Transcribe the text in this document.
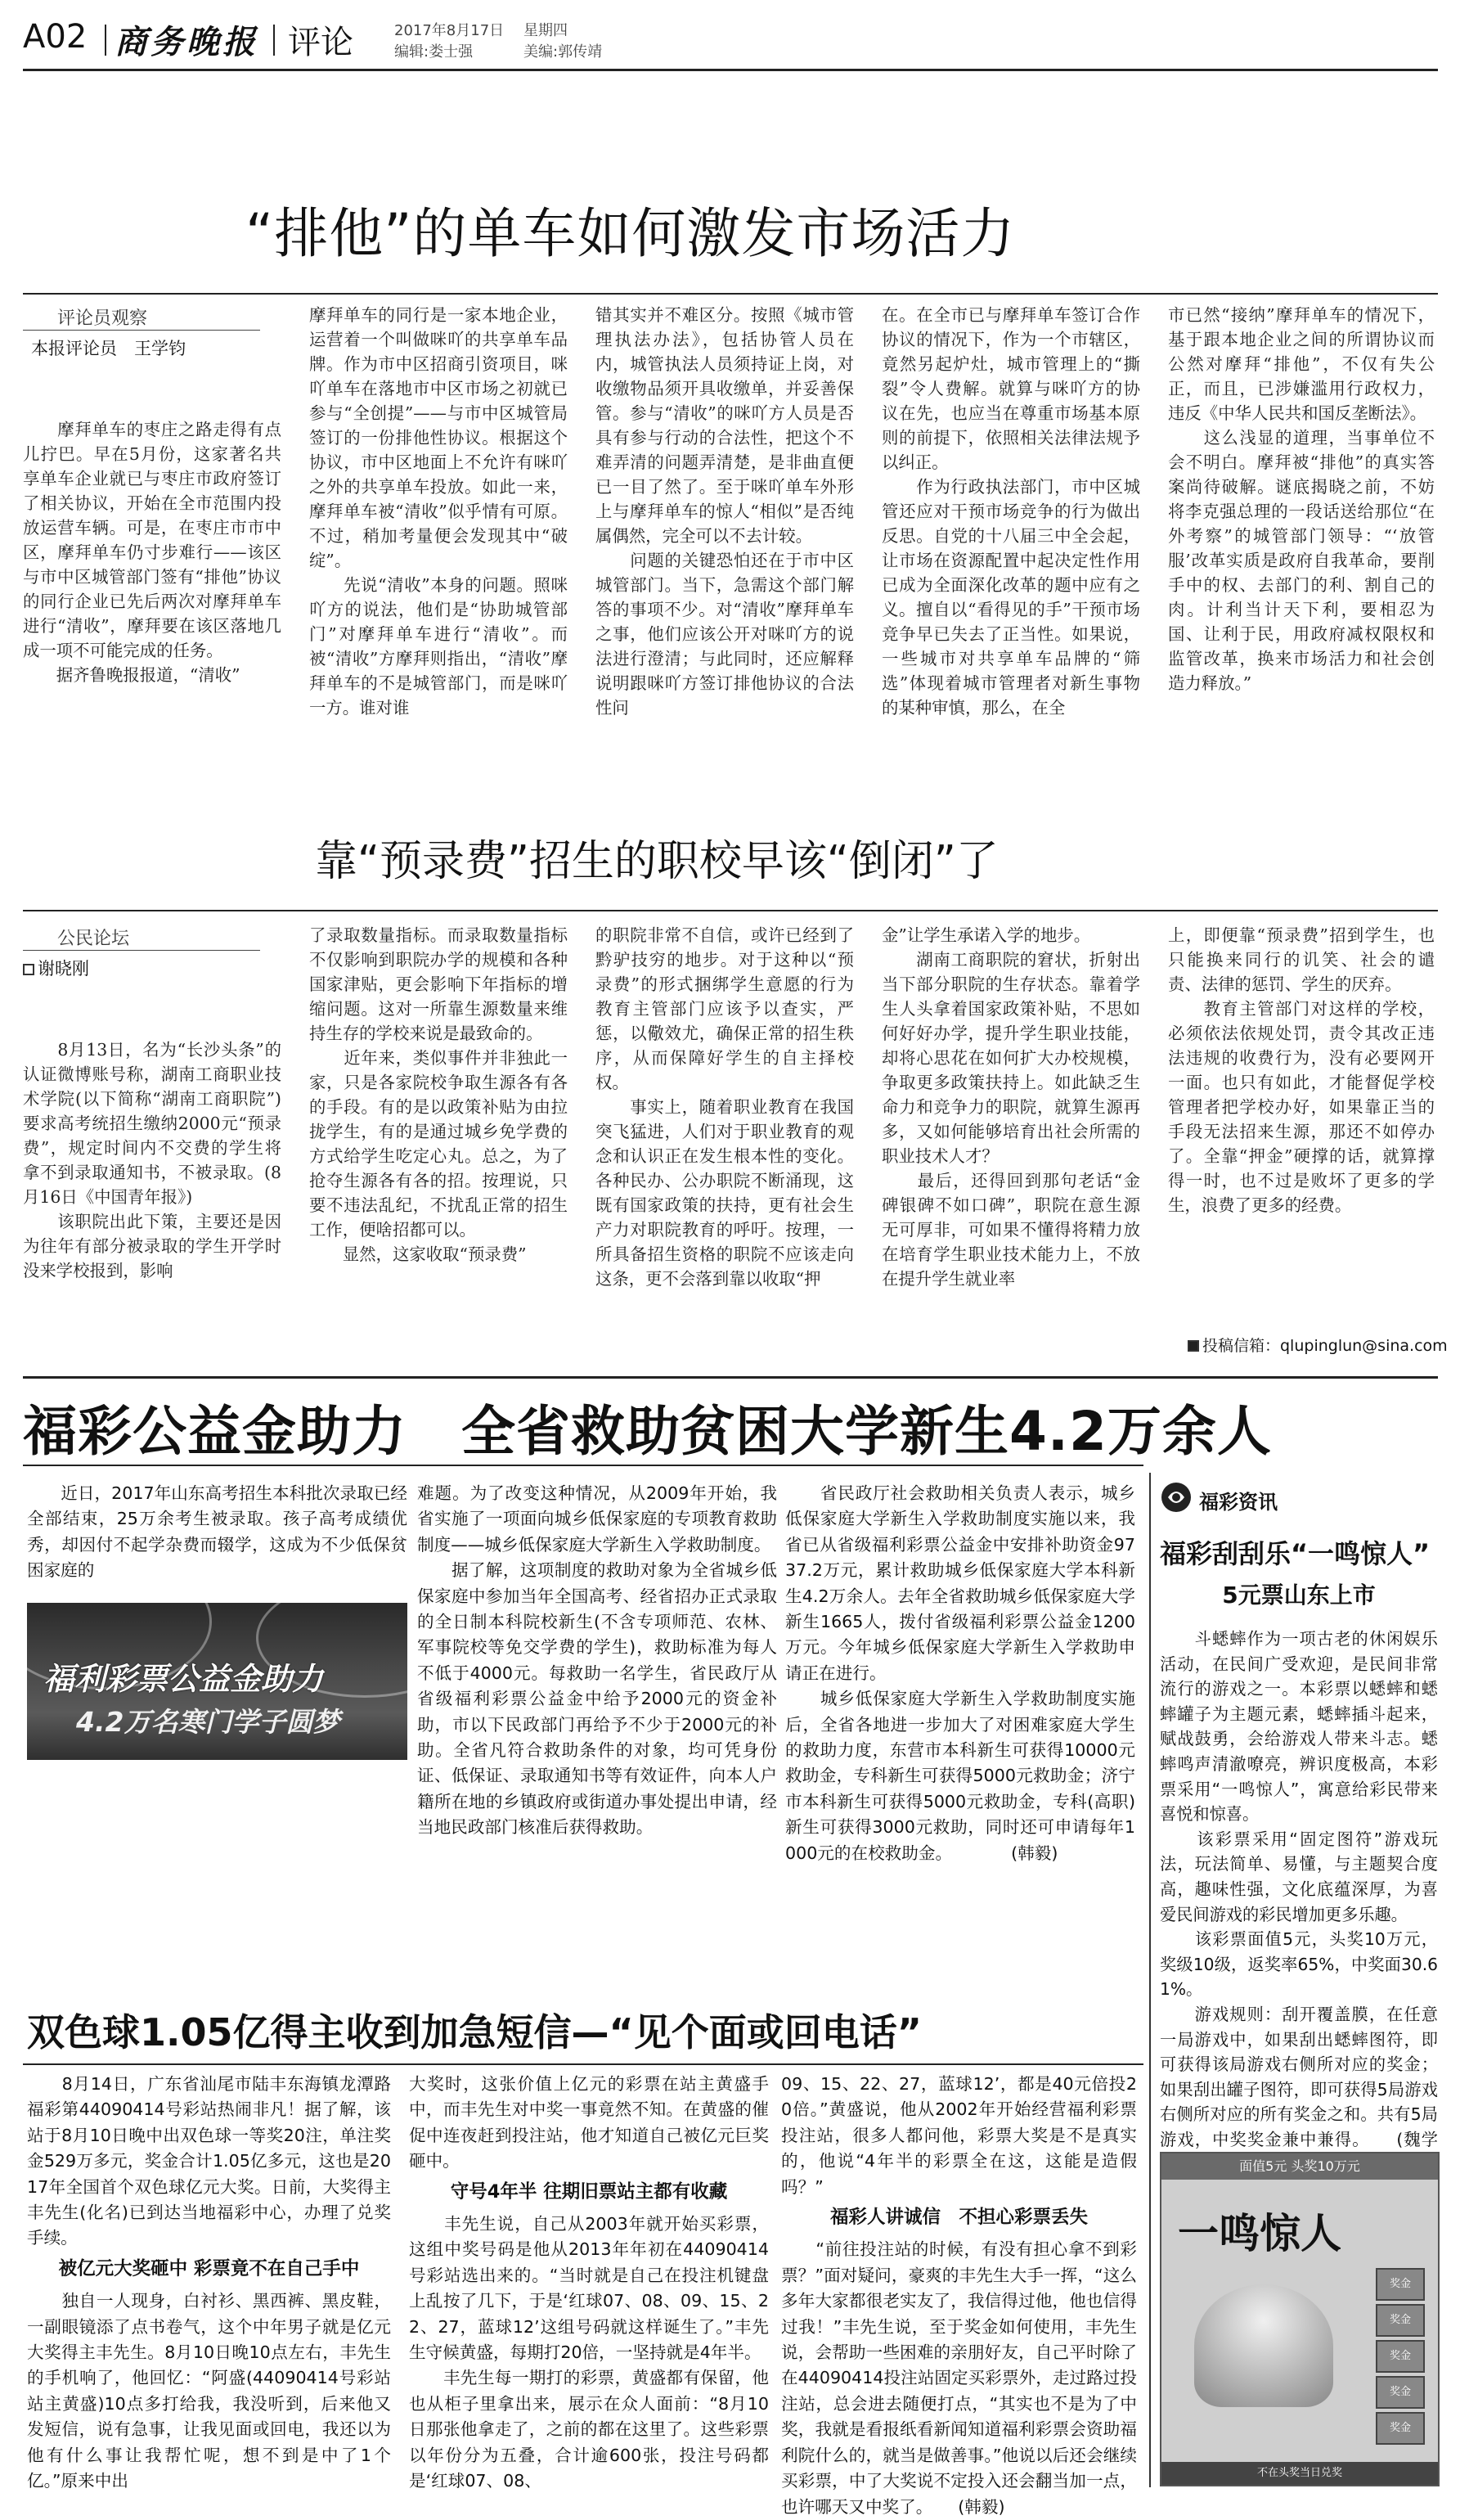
A02 商务晚报 评论	2017年8月17日 星期四
编辑:娄士强	美编:郭传靖
“排他”的单车如何激发市场活力
评论员观察
本报评论员　王学钧
　　摩拜单车的枣庄之路走得有点儿拧巴。早在5月份，这家著名共享单车企业就已与枣庄市政府签订了相关协议，开始在全市范围内投放运营车辆。可是，在枣庄市市中区，摩拜单车仍寸步难行——该区与市中区城管部门签有“排他”协议的同行企业已先后两次对摩拜单车进行“清收”，摩拜要在该区落地几成一项不可能完成的任务。
　　据齐鲁晚报报道，“清收”
摩拜单车的同行是一家本地企业，运营着一个叫做咪吖的共享单车品牌。作为市中区招商引资项目，咪吖单车在落地市中区市场之初就已参与“全创提”——与市中区城管局签订的一份排他性协议。根据这个协议，市中区地面上不允许有咪吖之外的共享单车投放。如此一来，摩拜单车被“清收”似乎情有可原。不过，稍加考量便会发现其中“破绽”。
　　先说“清收”本身的问题。照咪吖方的说法，他们是“协助城管部门”对摩拜单车进行“清收”。而被“清收”方摩拜则指出，“清收”摩拜单车的不是城管部门，而是咪吖一方。谁对谁
错其实并不难区分。按照《城市管理执法办法》，包括协管人员在内，城管执法人员须持证上岗，对收缴物品须开具收缴单，并妥善保管。参与“清收”的咪吖方人员是否具有参与行动的合法性，把这个不难弄清的问题弄清楚，是非曲直便已一目了然了。至于咪吖单车外形上与摩拜单车的惊人“相似”是否纯属偶然，完全可以不去计较。
　　问题的关键恐怕还在于市中区城管部门。当下，急需这个部门解答的事项不少。对“清收”摩拜单车之事，他们应该公开对咪吖方的说法进行澄清；与此同时，还应解释说明跟咪吖方签订排他协议的合法性问
在。在全市已与摩拜单车签订合作协议的情况下，作为一个市辖区，竟然另起炉灶，城市管理上的“撕裂”令人费解。就算与咪吖方的协议在先，也应当在尊重市场基本原则的前提下，依照相关法律法规予以纠正。
　　作为行政执法部门，市中区城管还应对干预市场竞争的行为做出反思。自党的十八届三中全会起，让市场在资源配置中起决定性作用已成为全面深化改革的题中应有之义。擅自以“看得见的手”干预市场竞争早已失去了正当性。如果说，一些城市对共享单车品牌的“筛选”体现着城市管理者对新生事物的某种审慎，那么，在全
市已然“接纳”摩拜单车的情况下，基于跟本地企业之间的所谓协议而公然对摩拜“排他”，不仅有失公正，而且，已涉嫌滥用行政权力，违反《中华人民共和国反垄断法》。
　　这么浅显的道理，当事单位不会不明白。摩拜被“排他”的真实答案尚待破解。谜底揭晓之前，不妨将李克强总理的一段话送给那位“在外考察”的城管部门领导：“‘放管服’改革实质是政府自我革命，要削手中的权、去部门的利、割自己的肉。计利当计天下利，要相忍为国、让利于民，用政府减权限权和监管改革，换来市场活力和社会创造力释放。”
靠“预录费”招生的职校早该“倒闭”了
公民论坛
谢晓刚
　　8月13日，名为“长沙头条”的认证微博账号称，湖南工商职业技术学院(以下简称“湖南工商职院”)要求高考统招生缴纳2000元“预录费”，规定时间内不交费的学生将拿不到录取通知书，不被录取。(8月16日《中国青年报》)
　　该职院出此下策，主要还是因为往年有部分被录取的学生开学时没来学校报到，影响
了录取数量指标。而录取数量指标不仅影响到职院办学的规模和各种国家津贴，更会影响下年指标的增缩问题。这对一所靠生源数量来维持生存的学校来说是最致命的。
　　近年来，类似事件并非独此一家，只是各家院校争取生源各有各的手段。有的是以政策补贴为由拉拢学生，有的是通过城乡免学费的方式给学生吃定心丸。总之，为了抢夺生源各有各的招。按理说，只要不违法乱纪，不扰乱正常的招生工作，便啥招都可以。
　　显然，这家收取“预录费”
的职院非常不自信，或许已经到了黔驴技穷的地步。对于这种以“预录费”的形式捆绑学生意愿的行为教育主管部门应该予以查实，严惩，以儆效尤，确保正常的招生秩序，从而保障好学生的自主择校权。
　　事实上，随着职业教育在我国突飞猛进，人们对于职业教育的观念和认识正在发生根本性的变化。各种民办、公办职院不断涌现，这既有国家政策的扶持，更有社会生产力对职院教育的呼吁。按理，一所具备招生资格的职院不应该走向这条，更不会落到靠以收取“押
金”让学生承诺入学的地步。
　　湖南工商职院的窘状，折射出当下部分职院的生存状态。靠着学生人头拿着国家政策补贴，不思如何好好办学，提升学生职业技能，却将心思花在如何扩大办校规模，争取更多政策扶持上。如此缺乏生命力和竞争力的职院，就算生源再多，又如何能够培育出社会所需的职业技术人才？
　　最后，还得回到那句老话“金碑银碑不如口碑”，职院在意生源无可厚非，可如果不懂得将精力放在培育学生职业技术能力上，不放在提升学生就业率
上，即便靠“预录费”招到学生，也只能换来同行的讥笑、社会的谴责、法律的惩罚、学生的厌弃。
　　教育主管部门对这样的学校，必须依法依规处罚，责令其改正违法违规的收费行为，没有必要网开一面。也只有如此，才能督促学校管理者把学校办好，如果靠正当的手段无法招来生源，那还不如停办了。全靠“押金”硬撑的话，就算撑得一时，也不过是败坏了更多的学生，浪费了更多的经费。
投稿信箱：qlupinglun@sina.com
福彩公益金助力　全省救助贫困大学新生4.2万余人
　　近日，2017年山东高考招生本科批次录取已经全部结束，25万余考生被录取。孩子高考成绩优秀，却因付不起学杂费而辍学，这成为不少低保贫困家庭的
福利彩票公益金助力
4.2万名寒门学子圆梦
难题。为了改变这种情况，从2009年开始，我省实施了一项面向城乡低保家庭的专项教育救助制度——城乡低保家庭大学新生入学救助制度。
　　据了解，这项制度的救助对象为全省城乡低保家庭中参加当年全国高考、经省招办正式录取的全日制本科院校新生(不含专项师范、农林、军事院校等免交学费的学生)，救助标准为每人不低于4000元。每救助一名学生，省民政厅从省级福利彩票公益金中给予2000元的资金补助，市以下民政部门再给予不少于2000元的补助。全省凡符合救助条件的对象，均可凭身份证、低保证、录取通知书等有效证件，向本人户籍所在地的乡镇政府或街道办事处提出申请，经当地民政部门核准后获得救助。
　　省民政厅社会救助相关负责人表示，城乡低保家庭大学新生入学救助制度实施以来，我省已从省级福利彩票公益金中安排补助资金9737.2万元，累计救助城乡低保家庭大学本科新生4.2万余人。去年全省救助城乡低保家庭大学新生1665人，拨付省级福利彩票公益金1200万元。今年城乡低保家庭大学新生入学救助申请正在进行。
　　城乡低保家庭大学新生入学救助制度实施后，全省各地进一步加大了对困难家庭大学生的救助力度，东营市本科新生可获得10000元救助金，专科新生可获得5000元救助金；济宁市本科新生可获得5000元救助金，专科(高职)新生可获得3000元救助，同时还可申请每年1000元的在校救助金。　　　　(韩毅)
福彩资讯
福彩刮刮乐“一鸣惊人”
5元票山东上市
　　斗蟋蟀作为一项古老的休闲娱乐活动，在民间广受欢迎，是民间非常流行的游戏之一。本彩票以蟋蟀和蟋蟀罐子为主题元素，蟋蟀插斗起来，赋战鼓勇，会给游戏人带来斗志。蟋蟀鸣声清澈嘹亮，辨识度极高，本彩票采用“一鸣惊人”，寓意给彩民带来喜悦和惊喜。
　　该彩票采用“固定图符”游戏玩法，玩法简单、易懂，与主题契合度高，趣味性强，文化底蕴深厚，为喜爱民间游戏的彩民增加更多乐趣。
　　该彩票面值5元，头奖10万元，奖级10级，返奖率65%，中奖面30.61%。
　　游戏规则：刮开覆盖膜，在任意一局游戏中，如果刮出蟋蟀图符，即可获得该局游戏右侧所对应的奖金；如果刮出罐子图符，即可获得5局游戏右侧所对应的所有奖金之和。共有5局游戏，中奖奖金兼中兼得。　　(魏学
面值5元 头奖10万元
一鸣惊人
奖金
奖金
奖金
奖金
奖金
不在头奖当日兑奖
双色球1.05亿得主收到加急短信—“见个面或回电话”

　　8月14日，广东省汕尾市陆丰东海镇龙潭路福彩第44090414号彩站热闹非凡！据了解，该站于8月10日晚中出双色球一等奖20注，单注奖金529万多元，奖金合计1.05亿多元，这也是2017年全国首个双色球亿元大奖。日前，大奖得主丰先生(化名)已到达当地福彩中心，办理了兑奖手续。

被亿元大奖砸中 彩票竟不在自己手中

　　独自一人现身，白衬衫、黑西裤、黑皮鞋，一副眼镜添了点书卷气，这个中年男子就是亿元大奖得主丰先生。8月10日晚10点左右，丰先生的手机响了，他回忆：“阿盛(44090414号彩站站主黄盛)10点多打给我，我没听到，后来他又发短信，说有急事，让我见面或回电，我还以为他有什么事让我帮忙呢，想不到是中了1个亿。”原来中出

大奖时，这张价值上亿元的彩票在站主黄盛手中，而丰先生对中奖一事竟然不知。在黄盛的催促中连夜赶到投注站，他才知道自己被亿元巨奖砸中。

守号4年半 往期旧票站主都有收藏

　　丰先生说，自己从2003年就开始买彩票，这组中奖号码是他从2013年年初在44090414号彩站选出来的。“当时就是自己在投注机键盘上乱按了几下，于是‘红球07、08、09、15、22、27，蓝球12’这组号码就这样诞生了。”丰先生守候黄盛，每期打20倍，一坚持就是4年半。
　　丰先生每一期打的彩票，黄盛都有保留，他也从柜子里拿出来，展示在众人面前：“8月10日那张他拿走了，之前的都在这里了。这些彩票以年份分为五叠，合计逾600张，投注号码都是‘红球07、08、

09、15、22、27，蓝球12’，都是40元倍投20倍。”黄盛说，他从2002年开始经营福利彩票投注站，很多人都问他，彩票大奖是不是真实的，他说“4年半的彩票全在这，这能是造假吗？”

福彩人讲诚信　不担心彩票丢失

　　“前往投注站的时候，有没有担心拿不到彩票？”面对疑问，豪爽的丰先生大手一挥，“这么多年大家都很老实友了，我信得过他，他也信得过我！”丰先生说，至于奖金如何使用，丰先生说，会帮助一些困难的亲朋好友，自己平时除了在44090414投注站固定买彩票外，走过路过投注站，总会进去随便打点，“其实也不是为了中奖，我就是看报纸看新闻知道福利彩票会资助福利院什么的，就当是做善事。”他说以后还会继续买彩票，中了大奖说不定投入还会翻当加一点，也许哪天又中奖了。　　(韩毅)
